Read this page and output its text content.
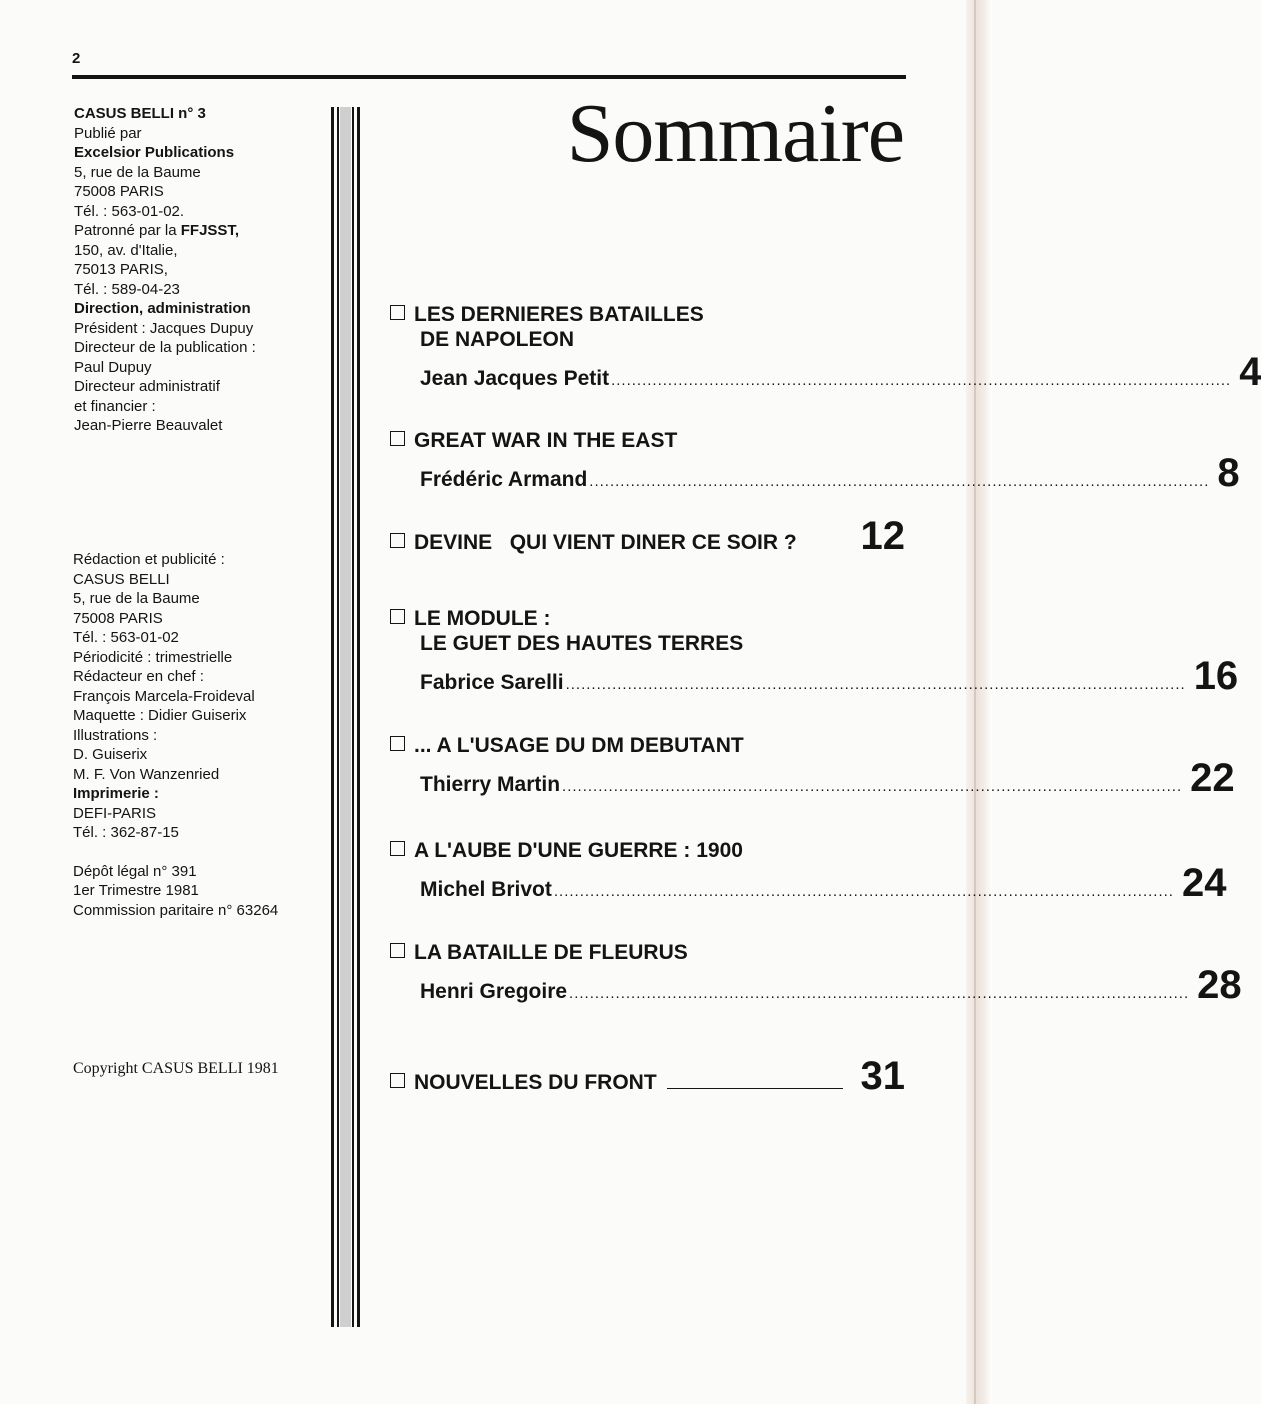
2
CASUS BELLI n° 3
Publié par
Excelsior Publications
5, rue de la Baume
75008 PARIS
Tél. : 563-01-02.
Patronné par la FFJSST,
150, av. d'Italie,
75013 PARIS,
Tél. : 589-04-23
Direction, administration
Président : Jacques Dupuy
Directeur de la publication :
Paul Dupuy
Directeur administratif
et financier :
Jean-Pierre Beauvalet
Rédaction et publicité :
CASUS BELLI
5, rue de la Baume
75008 PARIS
Tél. : 563-01-02
Périodicité : trimestrielle
Rédacteur en chef :
François Marcela-Froideval
Maquette : Didier Guiserix
Illustrations :
D. Guiserix
M. F. Von Wanzenried
Imprimerie :
DEFI-PARIS
Tél. : 362-87-15
Dépôt légal n° 391
1er Trimestre 1981
Commission paritaire n° 63264
Copyright CASUS BELLI 1981
Sommaire
LES DERNIERES BATAILLES
DE NAPOLEON
Jean Jacques Petit ........................................................................................................................ 4
GREAT WAR IN THE EAST
Frédéric Armand ........................................................................................................................ 8
DEVINE   QUI VIENT DINER CE SOIR ? 12
LE MODULE :
LE GUET DES HAUTES TERRES
Fabrice Sarelli ........................................................................................................................ 16
... A L'USAGE DU DM DEBUTANT
Thierry Martin ........................................................................................................................ 22
A L'AUBE D'UNE GUERRE : 1900
Michel Brivot ........................................................................................................................ 24
LA BATAILLE DE FLEURUS
Henri Gregoire ........................................................................................................................ 28
NOUVELLES DU FRONT	31
